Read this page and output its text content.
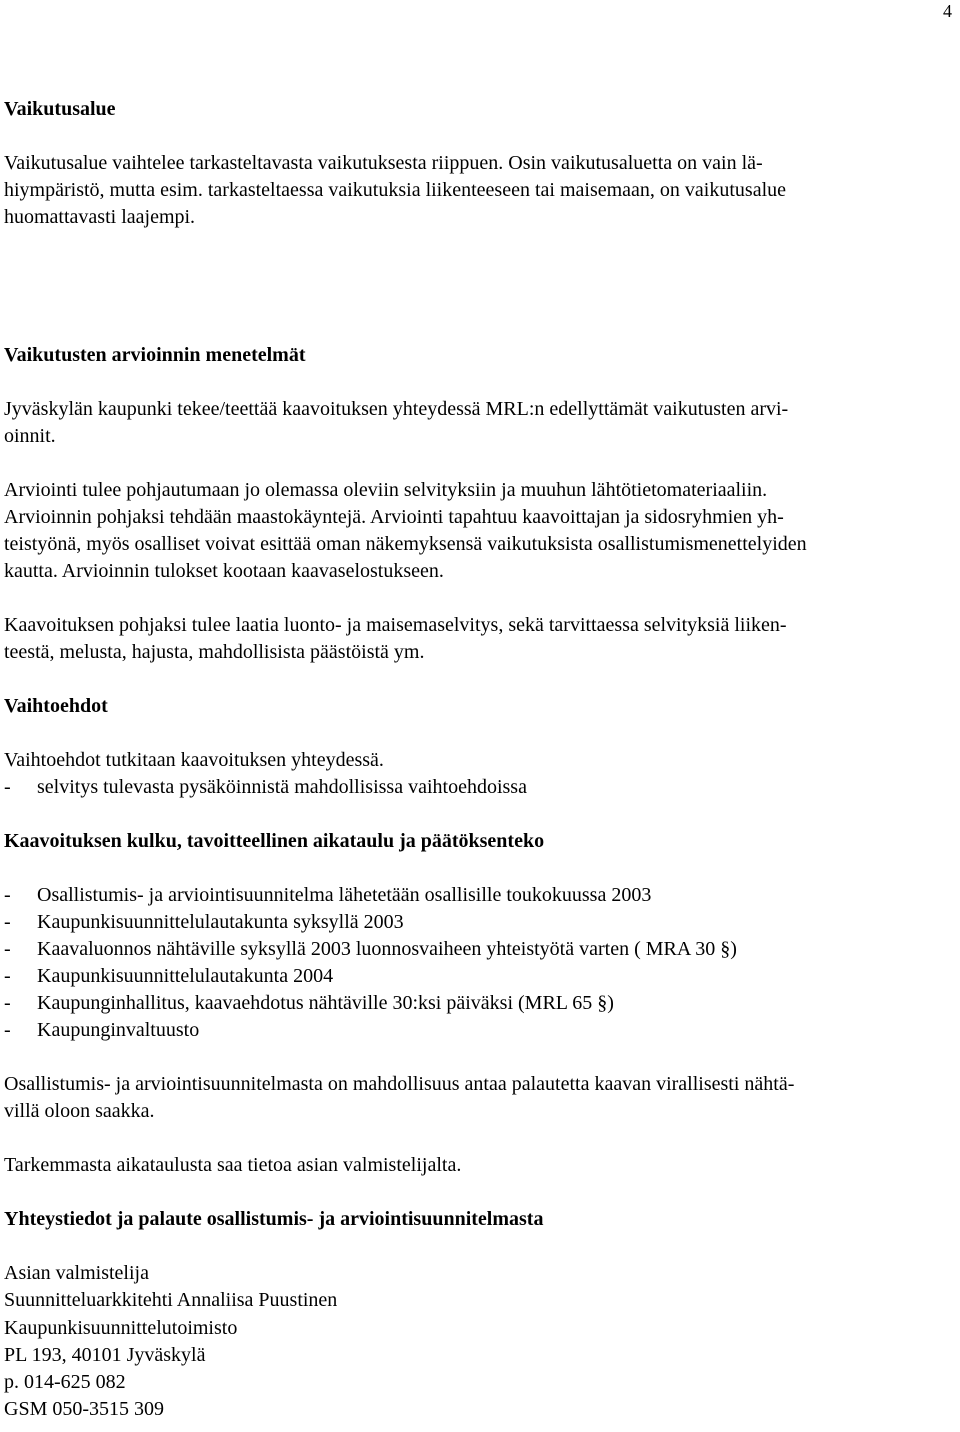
4

Vaikutusalue

Vaikutusalue vaihtelee tarkasteltavasta vaikutuksesta riippuen. Osin vaikutusaluetta on vain lä-
hiympäristö, mutta esim. tarkasteltaessa vaikutuksia liikenteeseen tai maisemaan, on vaikutusalue
huomattavasti laajempi.

Vaikutusten arvioinnin menetelmät

Jyväskylän kaupunki tekee/teettää kaavoituksen yhteydessä MRL:n edellyttämät vaikutusten arvi-
oinnit.

Arviointi tulee pohjautumaan jo olemassa oleviin selvityksiin ja muuhun lähtötietomateriaaliin.
Arvioinnin pohjaksi tehdään maastokäyntejä. Arviointi tapahtuu kaavoittajan ja sidosryhmien yh-
teistyönä, myös osalliset voivat esittää oman näkemyksensä vaikutuksista osallistumismenettelyiden
kautta. Arvioinnin tulokset kootaan kaavaselostukseen.

Kaavoituksen pohjaksi tulee laatia luonto- ja maisemaselvitys, sekä tarvittaessa selvityksiä liiken-
teestä, melusta, hajusta, mahdollisista päästöistä ym.

Vaihtoehdot

Vaihtoehdot tutkitaan kaavoituksen yhteydessä.

-	selvitys tulevasta pysäköinnistä mahdollisissa vaihtoehdoissa

Kaavoituksen kulku, tavoitteellinen aikataulu ja päätöksenteko

-	Osallistumis- ja arviointisuunnitelma lähetetään osallisille toukokuussa 2003
-	Kaupunkisuunnittelulautakunta syksyllä 2003
-	Kaavaluonnos nähtäville syksyllä 2003 luonnosvaiheen yhteistyötä varten ( MRA 30 §)
-	Kaupunkisuunnittelulautakunta 2004
-	Kaupunginhallitus, kaavaehdotus nähtäville 30:ksi päiväksi (MRL 65 §)
-	Kaupunginvaltuusto

Osallistumis- ja arviointisuunnitelmasta on mahdollisuus antaa palautetta kaavan virallisesti nähtä-
villä oloon saakka.

Tarkemmasta aikataulusta saa tietoa asian valmistelijalta.

Yhteystiedot ja palaute osallistumis- ja arviointisuunnitelmasta

Asian valmistelija

Suunnitteluarkkitehti Annaliisa Puustinen

Kaupunkisuunnittelutoimisto

PL 193, 40101 Jyväskylä

p. 014-625 082

GSM 050-3515 309
